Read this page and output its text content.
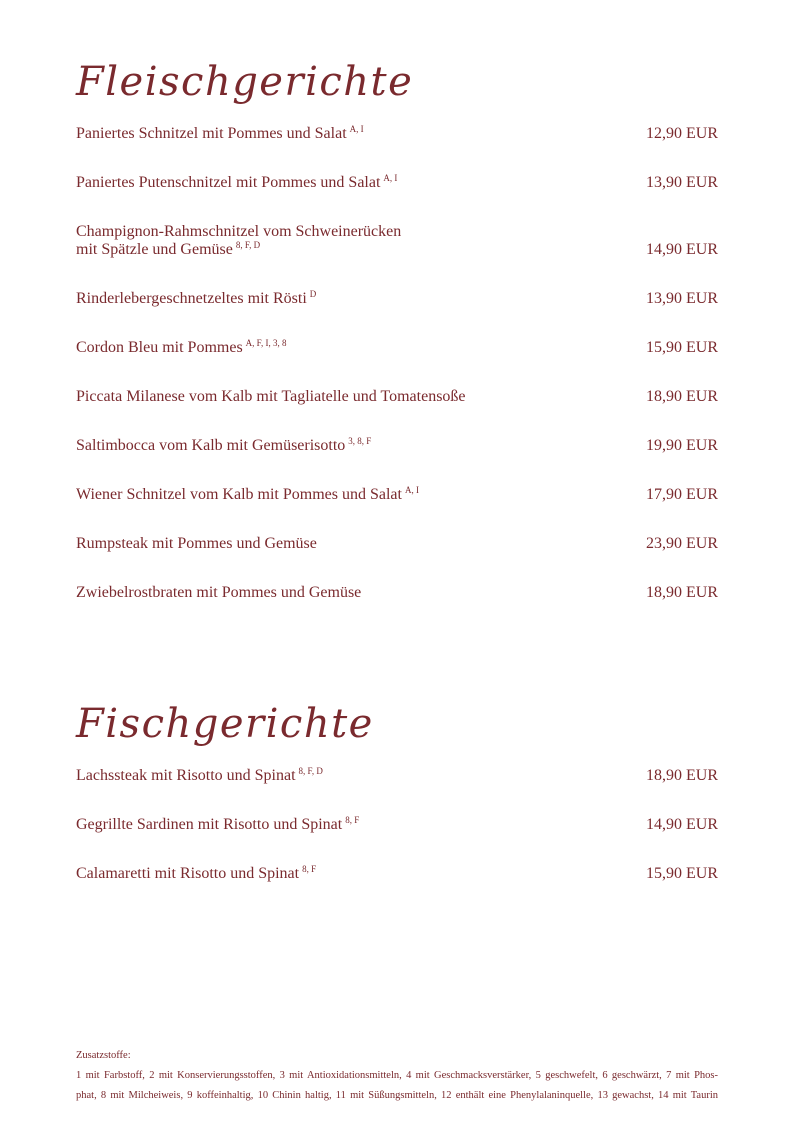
Fleischgerichte
Paniertes Schnitzel mit Pommes und Salat $^{A, I}$	12,90 EUR
Paniertes Putenschnitzel mit Pommes und Salat $^{A, I}$	13,90 EUR
Champignon-Rahmschnitzel vom Schweinerücken
mit Spätzle und Gemüse $^{8, F, D}$	14,90 EUR
Rinderlebergeschnetzeltes mit Rösti $^D$	13,90 EUR
Cordon Bleu mit Pommes $^{A, F, I, 3, 8}$	15,90 EUR
Piccata Milanese vom Kalb mit Tagliatelle und Tomatensoße	18,90 EUR
Saltimbocca vom Kalb mit Gemüserisotto $^{3, 8, F}$	19,90 EUR
Wiener Schnitzel vom Kalb mit Pommes und Salat $^{A, I}$	17,90 EUR
Rumpsteak mit Pommes und Gemüse	23,90 EUR
Zwiebelrostbraten mit Pommes und Gemüse	18,90 EUR
Fischgerichte
Lachssteak mit Risotto und Spinat $^{8, F, D}$	18,90 EUR
Gegrillte Sardinen mit Risotto und Spinat $^{8, F}$	14,90 EUR
Calamaretti mit Risotto und Spinat $^{8, F}$	15,90 EUR
Zusatzstoffe:
1 mit Farbstoff, 2 mit Konservierungsstoffen, 3 mit Antioxidationsmitteln, 4 mit Geschmacksverstärker, 5 geschwefelt, 6 geschwärzt, 7 mit Phos-
phat, 8 mit Milcheiweis, 9 koffeinhaltig, 10 Chinin haltig, 11 mit Süßungsmitteln, 12 enthält eine Phenylalaninquelle, 13 gewachst, 14 mit Taurin
